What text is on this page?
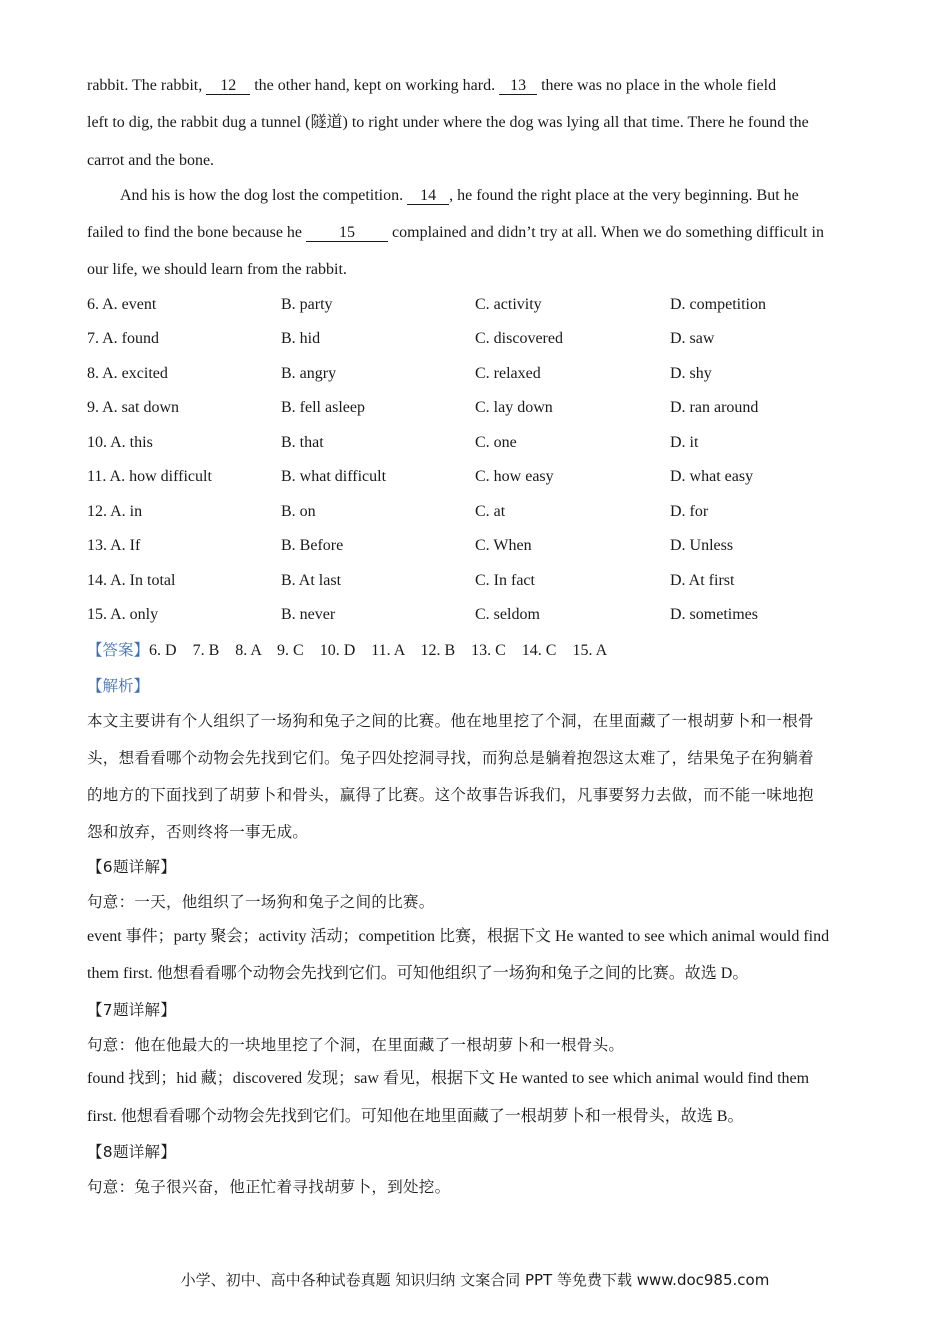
rabbit. The rabbit, 12 the other hand, kept on working hard. 13 there was no place in the whole field
left to dig, the rabbit dug a tunnel (隧道) to right under where the dog was lying all that time. There he found the
carrot and the bone.
And his is how the dog lost the competition. 14 , he found the right place at the very beginning. But he
failed to find the bone because he 15 complained and didn’t try at all. When we do something difficult in
our life, we should learn from the rabbit.
6. A. event	B. party	C. activity	D. competition
7. A. found	B. hid	C. discovered	D. saw
8. A. excited	B. angry	C. relaxed	D. shy
9. A. sat down	B. fell asleep	C. lay down	D. ran around
10. A. this	B. that	C. one	D. it
11. A. how difficult	B. what difficult	C. how easy	D. what easy
12. A. in	B. on	C. at	D. for
13. A. If	B. Before	C. When	D. Unless
14. A. In total	B. At last	C. In fact	D. At first
15. A. only	B. never	C. seldom	D. sometimes
【答案】6. D    7. B    8. A    9. C    10. D    11. A    12. B    13. C    14. C    15. A
【解析】
本文主要讲有个人组织了一场狗和兔子之间的比赛。他在地里挖了个洞，在里面藏了一根胡萝卜和一根骨
头，想看看哪个动物会先找到它们。兔子四处挖洞寻找，而狗总是躺着抱怨这太难了，结果兔子在狗躺着
的地方的下面找到了胡萝卜和骨头，赢得了比赛。这个故事告诉我们，凡事要努力去做，而不能一味地抱
怨和放弃，否则终将一事无成。
【6题详解】
句意：一天，他组织了一场狗和兔子之间的比赛。
event 事件；party 聚会；activity 活动；competition 比赛，根据下文 He wanted to see which animal would find
them first. 他想看看哪个动物会先找到它们。可知他组织了一场狗和兔子之间的比赛。故选 D。
【7题详解】
句意：他在他最大的一块地里挖了个洞，在里面藏了一根胡萝卜和一根骨头。
found 找到；hid 藏；discovered 发现；saw 看见，根据下文 He wanted to see which animal would find them
first. 他想看看哪个动物会先找到它们。可知他在地里面藏了一根胡萝卜和一根骨头，故选 B。
【8题详解】
句意：兔子很兴奋，他正忙着寻找胡萝卜，到处挖。
小学、初中、高中各种试卷真题 知识归纳 文案合同 PPT 等免费下载 www.doc985.com
